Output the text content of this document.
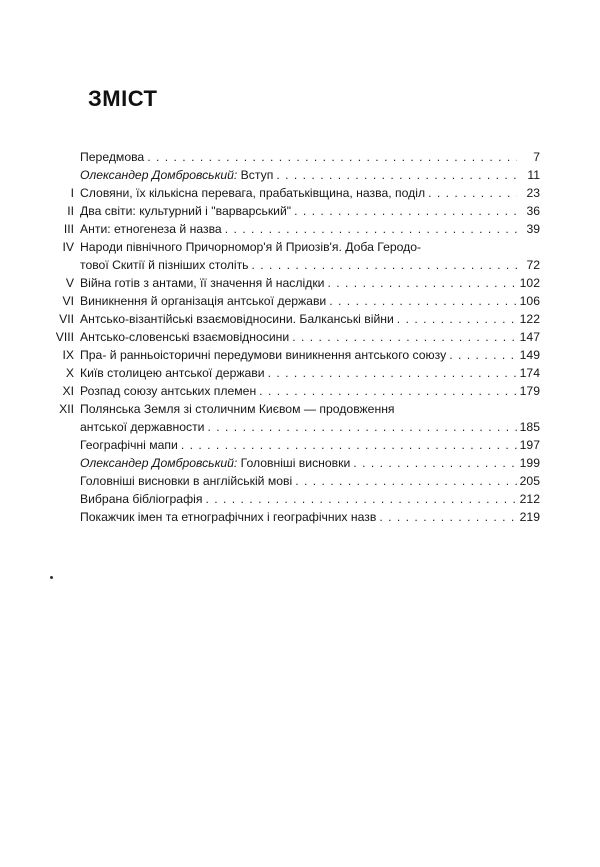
ЗМІСТ
Передмова . . .	7
Олександер Домбровський: Вступ . . .	11
I Словяни, їх кількісна перевага, прабатьківщина, назва, поділ . . .	23
II Два світи: культурний і "варварський" . . .	36
III Анти: етногенеза й назва . . .	39
IV Народи північного Причорномор'я й Приозів'я. Доба Геродо-
тової Скитії й пізніших століть . . .	72
V Війна готів з антами, її значення й наслідки . . .	102
VI Виникнення й організація антської держави . . .	106
VII Антсько-візантійські взаємовідносини. Балканські війни . . .	122
VIII Антсько-словенські взаємовідносини . . .	147
IX Пра- й ранньоісторичні передумови виникнення антського союзу . . .	149
X Київ столицею антської держави . . .	174
XI Розпад союзу антських племен . . .	179
XII Полянська Земля зі столичним Києвом — продовження
антської державности . . .	185
Географічні мапи . . .	197
Олександер Домбровський: Головніші висновки . . .	199
Головніші висновки в англійській мові . . .	205
Вибрана бібліографія . . .	212
Покажчик імен та етнографічних і географічних назв . . .	219
